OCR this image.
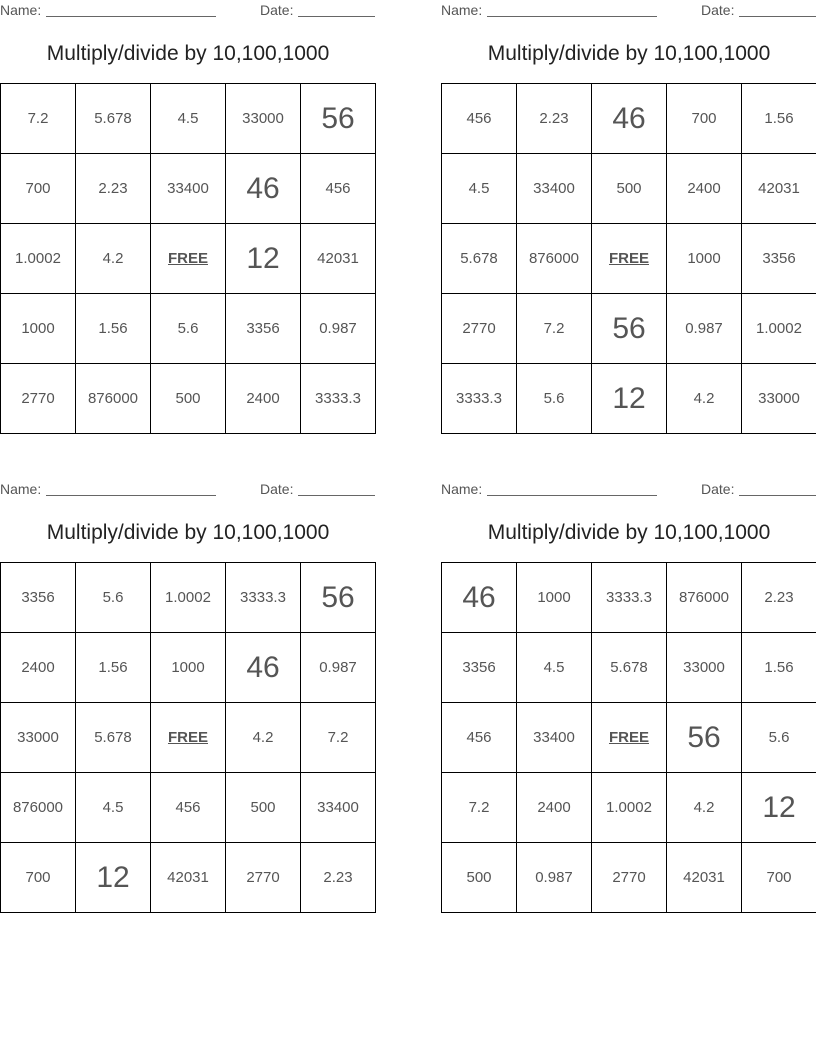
Name:	Date:
Multiply/divide by 10,100,1000
7.2	5.678	4.5	33000	56
700	2.23	33400	46	456
1.0002	4.2	FREE	12	42031
1000	1.56	5.6	3356	0.987
2770	876000	500	2400	3333.3
Name:	Date:
Multiply/divide by 10,100,1000
456	2.23	46	700	1.56
4.5	33400	500	2400	42031
5.678	876000	FREE	1000	3356
2770	7.2	56	0.987	1.0002
3333.3	5.6	12	4.2	33000
Name:	Date:
Multiply/divide by 10,100,1000
3356	5.6	1.0002	3333.3	56
2400	1.56	1000	46	0.987
33000	5.678	FREE	4.2	7.2
876000	4.5	456	500	33400
700	12	42031	2770	2.23
Name:	Date:
Multiply/divide by 10,100,1000
46	1000	3333.3	876000	2.23
3356	4.5	5.678	33000	1.56
456	33400	FREE	56	5.6
7.2	2400	1.0002	4.2	12
500	0.987	2770	42031	700
